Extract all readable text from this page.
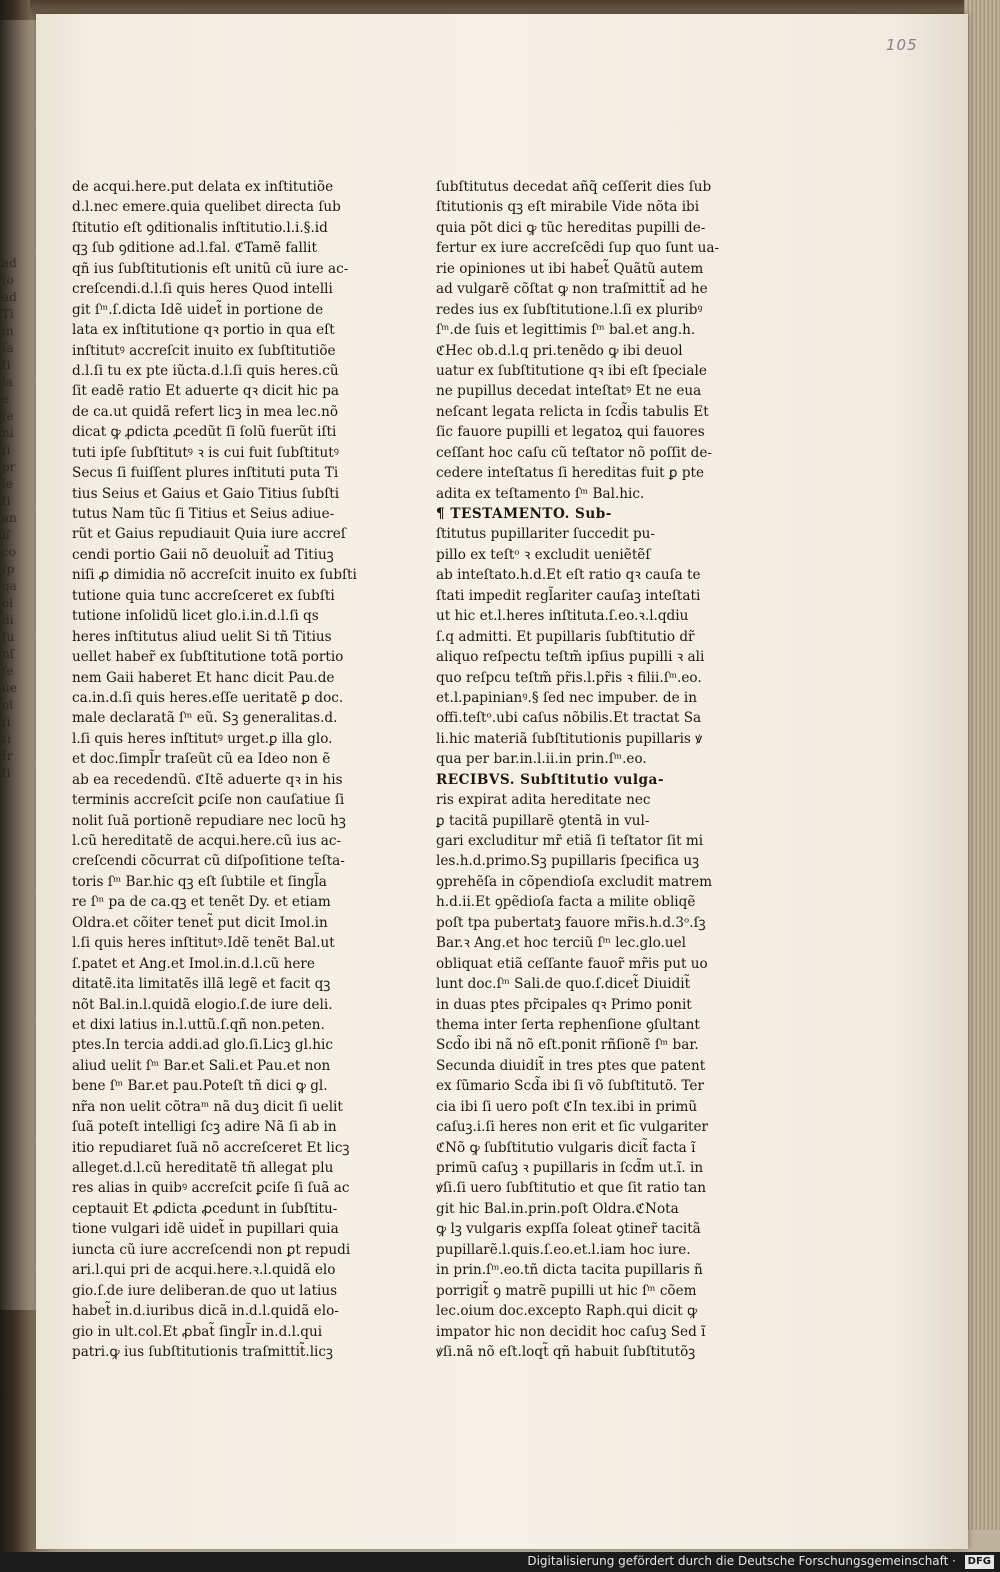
ad
ſo
ad
Ti
in
ſa
ſi
la
e
ſe
ni
ſi
pr
le
ſi
an
iſ
co
ſp
qa
ol
di
ſu
nſ
fe
ue
ol
ſi
ti
Ir
ſi
105
de acqui.here.put delata ex inſtitutiõe
d.l.nec emere.quia quelibet directa ſub
ſtitutio eſt ꝯditionalis inſtitutio.l.i.§.id
qꝫ ſub ꝯditione ad.l.fal. ℭTamẽ fallit
qñ ius ſubſtitutionis eſt unitũ cũ iure ac-
creſcendi.d.l.ſi quis heres Quod intelli
git ſᵐ.ſ.dicta Idẽ uidet̃ in portione de
lata ex inſtitutione qꝛ portio in qua eſt
inſtitutꝰ accreſcit inuito ex ſubſtitutiõe
d.l.ſi tu ex pte iũcta.d.l.ſi quis heres.cũ
ſit eadẽ ratio Et aduerte qꝛ dicit hic pa
de ca.ut quidã refert licꝫ in mea lec.nõ
dicat ꝙ ꝓdicta ꝓcedũt ſi ſolũ fuerũt iſti
tuti ipſe ſubſtitutꝰ ꝛ is cui fuit ſubſtitutꝰ
Secus ſi fuiſſent plures inſtituti puta Ti
tius Seius et Gaius et Gaio Titius ſubſti
tutus Nam tũc ſi Titius et Seius adiue-
rũt et Gaius repudiauit Quia iure accreſ
cendi portio Gaii nõ deuoluit̃ ad Titiuꝫ
niſi ꝓ dimidia nõ accreſcit inuito ex ſubſti
tutione quia tunc accreſceret ex ſubſti
tutione inſolidũ licet glo.i.in.d.l.ſi qs
heres inſtitutus aliud uelit Si tñ Titius
uellet haber̃ ex ſubſtitutione totã portio
nem Gaii haberet Et hanc dicit Pau.de
ca.in.d.ſi quis heres.eſſe ueritatẽ ꝑ doc.
male declaratã ſᵐ eũ. Sꝫ generalitas.d.
l.ſi quis heres inſtitutꝰ urget.ꝑ illa glo.
et doc.ſimpl̃r traſeũt cũ ea Ideo non ẽ
ab ea recedendũ. ℭItẽ aduerte qꝛ in his
terminis accreſcit ꝑciſe non cauſatiue ſi
nolit ſuã portionẽ repudiare nec locũ hꝫ
l.cũ hereditatẽ de acqui.here.cũ ius ac-
creſcendi cõcurrat cũ diſpoſitione teſta-
toris ſᵐ Bar.hic qꝫ eſt ſubtile et ſingl̃a
re ſᵐ pa de ca.qꝫ et tenẽt Dy. et etiam
Oldra.et cõiter tenet̃ put dicit Imol.in
l.ſi quis heres inſtitutꝰ.Idẽ tenẽt Bal.ut
ſ.patet et Ang.et Imol.in.d.l.cũ here
ditatẽ.ita limitatẽs illã legẽ et facit qꝫ
nõt Bal.in.l.quidã elogio.ſ.de iure deli.
et dixi latius in.l.uttũ.ſ.qñ non.peten.
ptes.In tercia addi.ad glo.ſi.Licꝫ gl.hic
aliud uelit ſᵐ Bar.et Sali.et Pau.et non
bene ſᵐ Bar.et pau.Poteſt tñ dici ꝙ gl.
nr̃a non uelit cõtraᵐ nã duꝫ dicit ſi uelit
ſuã poteſt intelligi ſcꝫ adire Nã ſi ab in
itio repudiaret ſuã nõ accreſceret Et licꝫ
alleget.d.l.cũ hereditatẽ tñ allegat plu
res alias in quibꝰ accreſcit ꝑciſe ſi ſuã ac
ceptauit Et ꝓdicta ꝓcedunt in ſubſtitu-
tione vulgari idẽ uidet̃ in pupillari quia
iuncta cũ iure accreſcendi non ꝑt repudi
ari.l.qui pri de acqui.here.ꝛ.l.quidã elo
gio.ſ.de iure deliberan.de quo ut latius
habet̃ in.d.iuribus dicã in.d.l.quidã elo-
gio in ult.col.Et ꝓbat̃ ſingl̃r in.d.l.qui
patri.ꝙ ius ſubſtitutionis traſmittit̃.licꝫ
ſubſtitutus decedat añq̃ ceſſerit dies ſub
ſtitutionis qꝫ eſt mirabile Vide nõta ibi
quia põt dici ꝙ tũc hereditas pupilli de-
fertur ex iure accreſcẽdi ſup quo ſunt ua-
rie opiniones ut ibi habet̃ Quãtũ autem
ad vulgarẽ cõſtat ꝙ non traſmittit̃ ad he
redes ius ex ſubſtitutione.l.ſi ex pluribꝰ
ſᵐ.de ſuis et legittimis ſᵐ bal.et ang.h.
ℭHec ob.d.l.q pri.tenẽdo ꝙ ibi deuol
uatur ex ſubſtitutione qꝛ ibi eſt ſpeciale
ne pupillus decedat inteſtatꝰ Et ne eua
neſcant legata relicta in ſcd̃is tabulis Et
ſic fauore pupilli et legatoꝝ qui fauores
ceſſant hoc caſu cũ teſtator nõ poſſit de-
cedere inteſtatus ſi hereditas fuit ꝑ pte
adita ex teſtamento ſᵐ Bal.hic.
¶ TESTAMENTO. Sub-
ſtitutus pupillariter ſuccedit pu-
pillo ex teſtᵒ ꝛ excludit ueniẽtẽſ
ab inteſtato.h.d.Et eſt ratio qꝛ cauſa te
ſtati impedit regl̃ariter cauſaꝫ inteſtati
ut hic et.l.heres inſtituta.ſ.eo.ꝛ.l.qdiu
ſ.q admitti. Et pupillaris ſubſtitutio dr̃
aliquo reſpectu teſtm̃ ipſius pupilli ꝛ ali
quo reſpcu teſtm̃ pr̃is.l.pr̃is ꝛ filii.ſᵐ.eo.
et.l.papinianꝰ.§ ſed nec impuber. de in
offi.teſtᵒ.ubi caſus nõbilis.Et tractat Sa
li.hic materiã ſubſtitutionis pupillaris ꝟ
qua per bar.in.l.ii.in prin.ſᵐ.eo.
RECIBVS. Subſtitutio vulga-
ris expirat adita hereditate nec
ꝑ tacitã pupillarẽ ꝯtentã in vul-
gari excluditur mr̃ etiã ſi teſtator ſit mi
les.h.d.primo.Sꝫ pupillaris ſpecifica uꝫ
ꝯprehẽſa in cõpendioſa excludit matrem
h.d.ii.Et ꝯpẽdioſa facta a milite obliqẽ
poſt tpa pubertatꝫ fauore mr̃is.h.d.3ᵒ.ſꝫ
Bar.ꝛ Ang.et hoc terciũ ſᵐ lec.glo.uel
obliquat etiã ceſſante fauor̃ mr̃is put uo
lunt doc.ſᵐ Sali.de quo.ſ.dicet̃ Diuidit̃
in duas ptes pr̃cipales qꝛ Primo ponit
thema inter ſerta rephenſione ꝯſultant
Scd̃o ibi nã nõ eſt.ponit rñſionẽ ſᵐ bar.
Secunda diuidit̃ in tres ptes que patent
ex ſũmario Scd̃a ibi ſi võ ſubſtitutõ. Ter
cia ibi ſi uero poſt ℭIn tex.ibi in primũ
caſuꝫ.i.ſi heres non erit et ſic vulgariter
ℭNõ ꝙ ſubſtitutio vulgaris dicit̃ facta ĩ
primũ caſuꝫ ꝛ pupillaris in ſcd̃m ut.ĩ. in
ꝟſi.ſi uero ſubſtitutio et que ſit ratio tan
git hic Bal.in.prin.poſt Oldra.ℭNota
ꝙ lꝫ vulgaris expſſa ſoleat ꝯtiner̃ tacitã
pupillarẽ.l.quis.ſ.eo.et.l.iam hoc iure.
in prin.ſᵐ.eo.tñ dicta tacita pupillaris ñ
porrigit̃ ꝯ matrẽ pupilli ut hic ſᵐ cõem
lec.oium doc.excepto Raph.qui dicit ꝙ
impator hic non decidit hoc caſuꝫ Sed ĩ
ꝟſi.nã nõ eſt.loqt̃ qñ habuit ſubſtitutõꝫ
Digitalisierung gefördert durch die Deutsche Forschungsgemeinschaft ·	DFG
